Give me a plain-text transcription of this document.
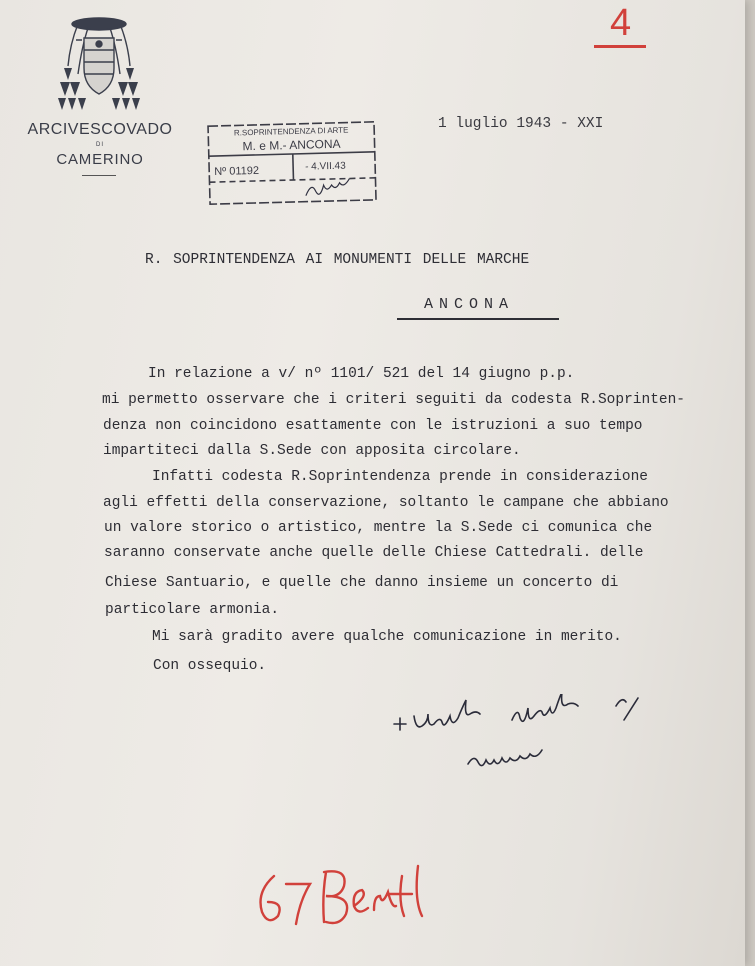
ARCIVESCOVADO
DI
CAMERINO
R.SOPRINTENDENZA DI ARTE
M. e M.- ANCONA
Nº 01192	- 4.VII.43
1 luglio 1943 - XXI
4
R. SOPRINTENDENZA AI MONUMENTI DELLE MARCHE
ANCONA
In relazione a v/ nº 1101/ 521 del 14 giugno p.p.
mi permetto osservare che i criteri seguiti da codesta R.Soprinten-
denza non coincidono esattamente con le istruzioni a suo tempo
impartiteci dalla S.Sede con apposita circolare.
Infatti codesta R.Soprintendenza prende in considerazione
agli effetti della conservazione, soltanto le campane che abbiano
un valore storico o artistico, mentre la S.Sede ci comunica che
saranno conservate anche quelle delle Chiese Cattedrali. delle
Chiese Santuario, e quelle che danno insieme un concerto di
particolare armonia.
Mi sarà gradito avere qualche comunicazione in merito.
Con ossequio.
